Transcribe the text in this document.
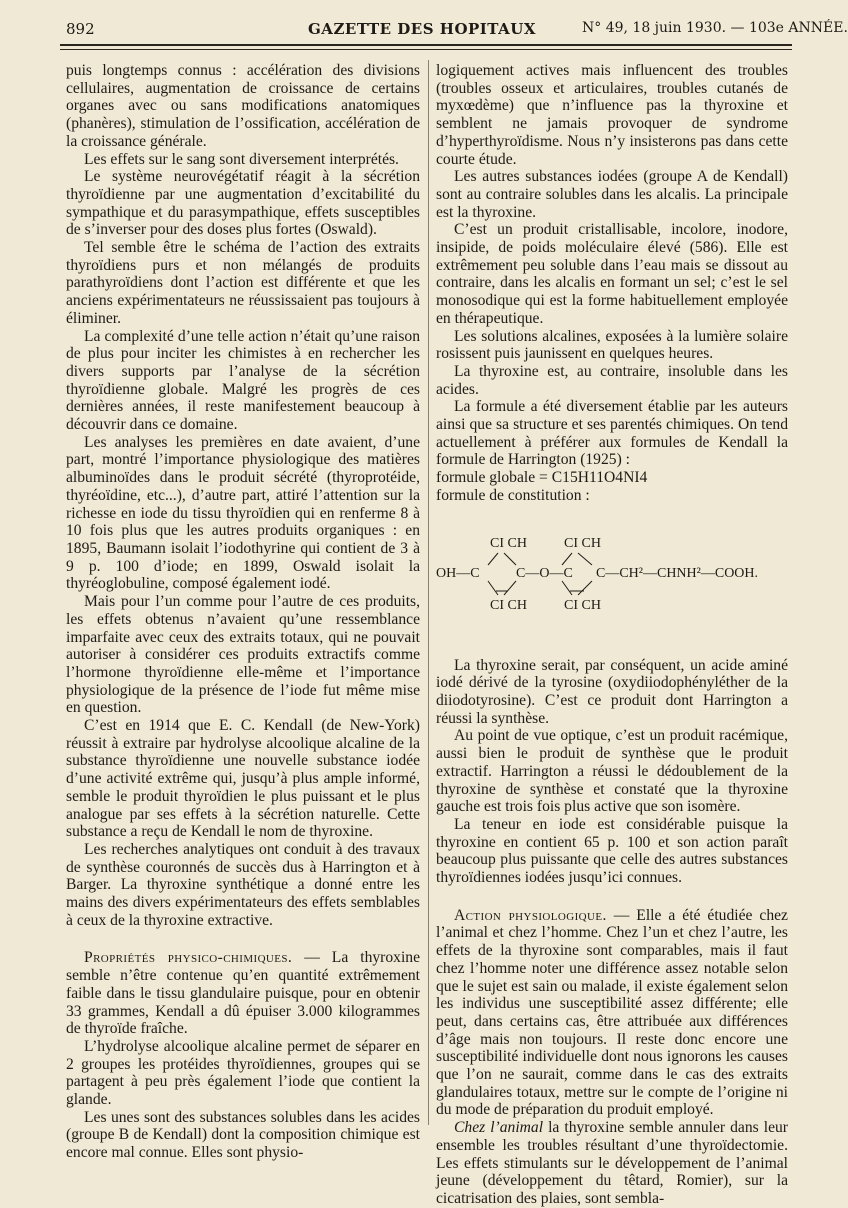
892	GAZETTE DES HOPITAUX	N° 49, 18 juin 1930. — 103e ANNÉE.

puis longtemps connus : accélération des divisions cellulaires, augmentation de croissance de certains organes avec ou sans modifications anatomiques (phanères), stimulation de l’ossification, accélération de la croissance générale.

Les effets sur le sang sont diversement interprétés.

Le système neurovégétatif réagit à la sécrétion thyroïdienne par une augmentation d’excitabilité du sympathique et du parasympathique, effets susceptibles de s’inverser pour des doses plus fortes (Oswald).

Tel semble être le schéma de l’action des extraits thyroïdiens purs et non mélangés de produits parathyroïdiens dont l’action est différente et que les anciens expérimentateurs ne réussissaient pas toujours à éliminer.

La complexité d’une telle action n’était qu’une raison de plus pour inciter les chimistes à en rechercher les divers supports par l’analyse de la sécrétion thyroïdienne globale. Malgré les progrès de ces dernières années, il reste manifestement beaucoup à découvrir dans ce domaine.

Les analyses les premières en date avaient, d’une part, montré l’importance physiologique des matières albuminoïdes dans le produit sécrété (thyroprotéide, thyréoïdine, etc...), d’autre part, attiré l’attention sur la richesse en iode du tissu thyroïdien qui en renferme 8 à 10 fois plus que les autres produits organiques : en 1895, Baumann isolait l’iodothyrine qui contient de 3 à 9 p. 100 d’iode; en 1899, Oswald isolait la thyréoglobuline, composé également iodé.

Mais pour l’un comme pour l’autre de ces produits, les effets obtenus n’avaient qu’une ressemblance imparfaite avec ceux des extraits totaux, qui ne pouvait autoriser à considérer ces produits extractifs comme l’hormone thyroïdienne elle-même et l’importance physiologique de la présence de l’iode fut même mise en question.

C’est en 1914 que E. C. Kendall (de New-York) réussit à extraire par hydrolyse alcoolique alcaline de la substance thyroïdienne une nouvelle substance iodée d’une activité extrême qui, jusqu’à plus ample informé, semble le produit thyroïdien le plus puissant et le plus analogue par ses effets à la sécrétion naturelle. Cette substance a reçu de Kendall le nom de thyroxine.

Les recherches analytiques ont conduit à des travaux de synthèse couronnés de succès dus à Harrington et à Barger. La thyroxine synthétique a donné entre les mains des divers expérimentateurs des effets semblables à ceux de la thyroxine extractive.

Propriétés physico-chimiques. — La thyroxine semble n’être contenue qu’en quantité extrêmement faible dans le tissu glandulaire puisque, pour en obtenir 33 grammes, Kendall a dû épuiser 3.000 kilogrammes de thyroïde fraîche.

L’hydrolyse alcoolique alcaline permet de séparer en 2 groupes les protéides thyroïdiennes, groupes qui se partagent à peu près également l’iode que contient la glande.

Les unes sont des substances solubles dans les acides (groupe B de Kendall) dont la composition chimique est encore mal connue. Elles sont physio-

logiquement actives mais influencent des troubles (troubles osseux et articulaires, troubles cutanés de myxœdème) que n’influence pas la thyroxine et semblent ne jamais provoquer de syndrome d’hyperthyroïdisme. Nous n’y insisterons pas dans cette courte étude.

Les autres substances iodées (groupe A de Kendall) sont au contraire solubles dans les alcalis. La principale est la thyroxine.

C’est un produit cristallisable, incolore, inodore, insipide, de poids moléculaire élevé (586). Elle est extrêmement peu soluble dans l’eau mais se dissout au contraire, dans les alcalis en formant un sel; c’est le sel monosodique qui est la forme habituellement employée en thérapeutique.

Les solutions alcalines, exposées à la lumière solaire rosissent puis jaunissent en quelques heures.

La thyroxine est, au contraire, insoluble dans les acides.

La formule a été diversement établie par les auteurs ainsi que sa structure et ses parentés chimiques. On tend actuellement à préférer aux formules de Kendall la formule de Harrington (1925) :

formule globale = C15H11O4NI4

formule de constitution :

CI CH	CI CH
OH—C	C—O—C C—CH²—CHNH²—COOH.
CI CH	CI CH

La thyroxine serait, par conséquent, un acide aminé iodé dérivé de la tyrosine (oxydiiodophényléther de la diiodotyrosine). C’est ce produit dont Harrington a réussi la synthèse.

Au point de vue optique, c’est un produit racémique, aussi bien le produit de synthèse que le produit extractif. Harrington a réussi le dédoublement de la thyroxine de synthèse et constaté que la thyroxine gauche est trois fois plus active que son isomère.

La teneur en iode est considérable puisque la thyroxine en contient 65 p. 100 et son action paraît beaucoup plus puissante que celle des autres substances thyroïdiennes iodées jusqu’ici connues.

Action physiologique. — Elle a été étudiée chez l’animal et chez l’homme. Chez l’un et chez l’autre, les effets de la thyroxine sont comparables, mais il faut chez l’homme noter une différence assez notable selon que le sujet est sain ou malade, il existe également selon les individus une susceptibilité assez différente; elle peut, dans certains cas, être attribuée aux différences d’âge mais non toujours. Il reste donc encore une susceptibilité individuelle dont nous ignorons les causes que l’on ne saurait, comme dans le cas des extraits glandulaires totaux, mettre sur le compte de l’origine ni du mode de préparation du produit employé.

Chez l’animal la thyroxine semble annuler dans leur ensemble les troubles résultant d’une thyroïdectomie. Les effets stimulants sur le développement de l’animal jeune (développement du têtard, Romier), sur la cicatrisation des plaies, sont sembla-
